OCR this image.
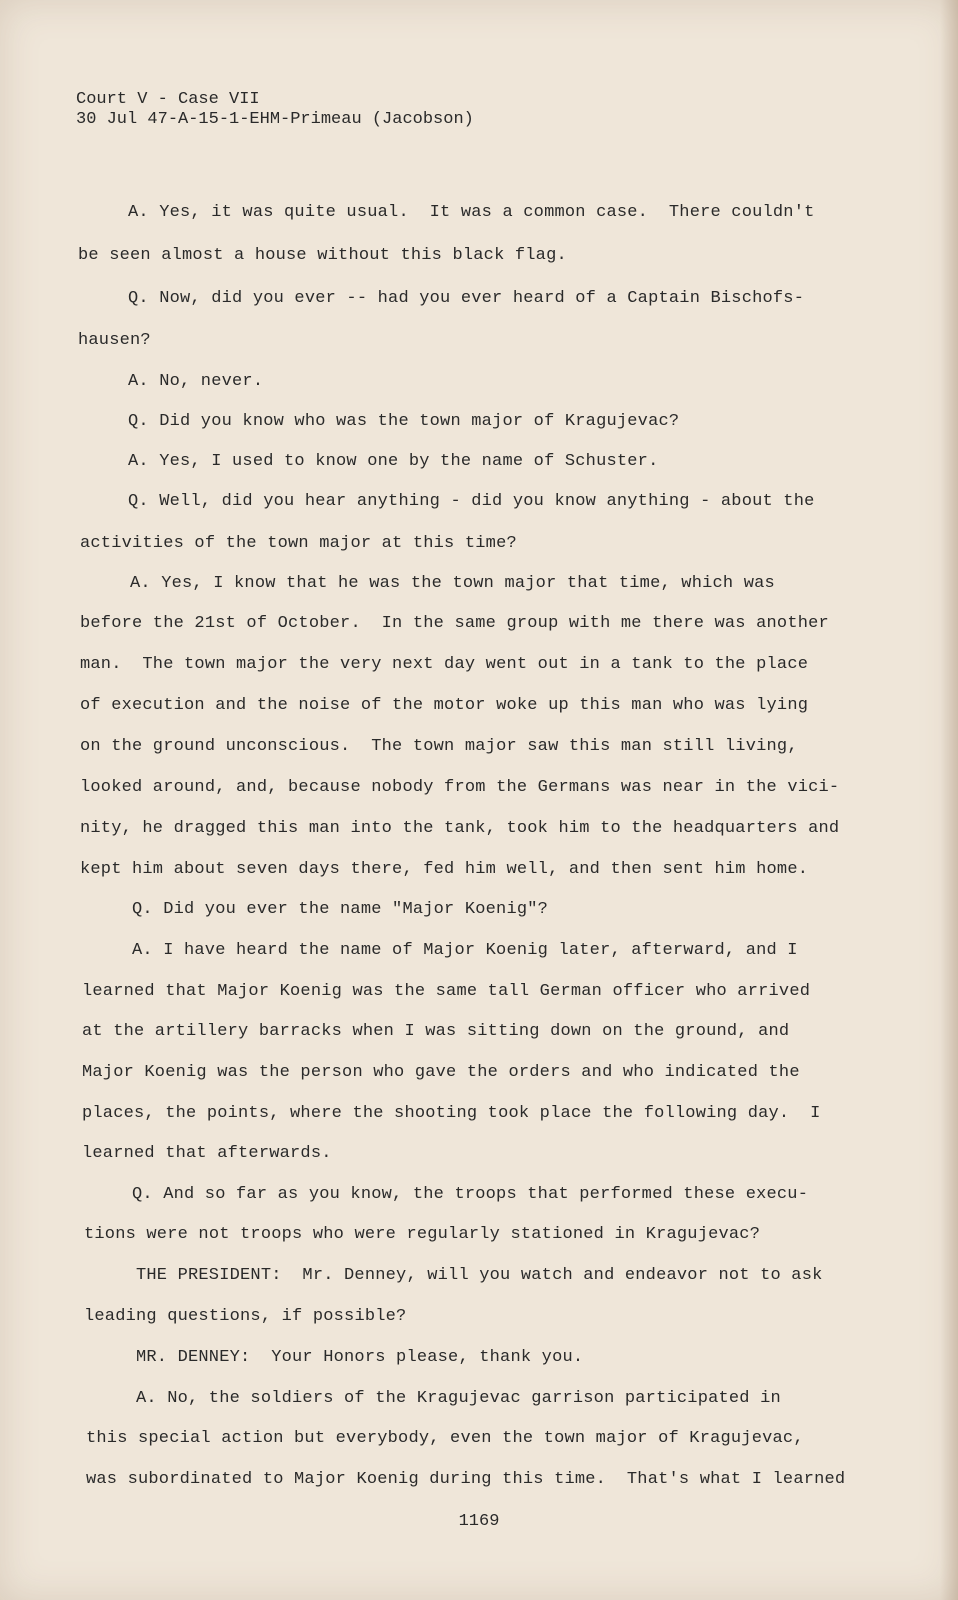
Court V - Case VII
30 Jul 47-A-15-1-EHM-Primeau (Jacobson)
A. Yes, it was quite usual.  It was a common case.  There couldn't
be seen almost a house without this black flag.
Q. Now, did you ever -- had you ever heard of a Captain Bischofs-
hausen?
A. No, never.
Q. Did you know who was the town major of Kragujevac?
A. Yes, I used to know one by the name of Schuster.
Q. Well, did you hear anything - did you know anything - about the
activities of the town major at this time?
A. Yes, I know that he was the town major that time, which was
before the 21st of October.  In the same group with me there was another
man.  The town major the very next day went out in a tank to the place
of execution and the noise of the motor woke up this man who was lying
on the ground unconscious.  The town major saw this man still living,
looked around, and, because nobody from the Germans was near in the vici-
nity, he dragged this man into the tank, took him to the headquarters and
kept him about seven days there, fed him well, and then sent him home.
Q. Did you ever the name "Major Koenig"?
A. I have heard the name of Major Koenig later, afterward, and I
learned that Major Koenig was the same tall German officer who arrived
at the artillery barracks when I was sitting down on the ground, and
Major Koenig was the person who gave the orders and who indicated the
places, the points, where the shooting took place the following day.  I
learned that afterwards.
Q. And so far as you know, the troops that performed these execu-
tions were not troops who were regularly stationed in Kragujevac?
THE PRESIDENT:  Mr. Denney, will you watch and endeavor not to ask
leading questions, if possible?
MR. DENNEY:  Your Honors please, thank you.
A. No, the soldiers of the Kragujevac garrison participated in
this special action but everybody, even the town major of Kragujevac,
was subordinated to Major Koenig during this time.  That's what I learned
1169
